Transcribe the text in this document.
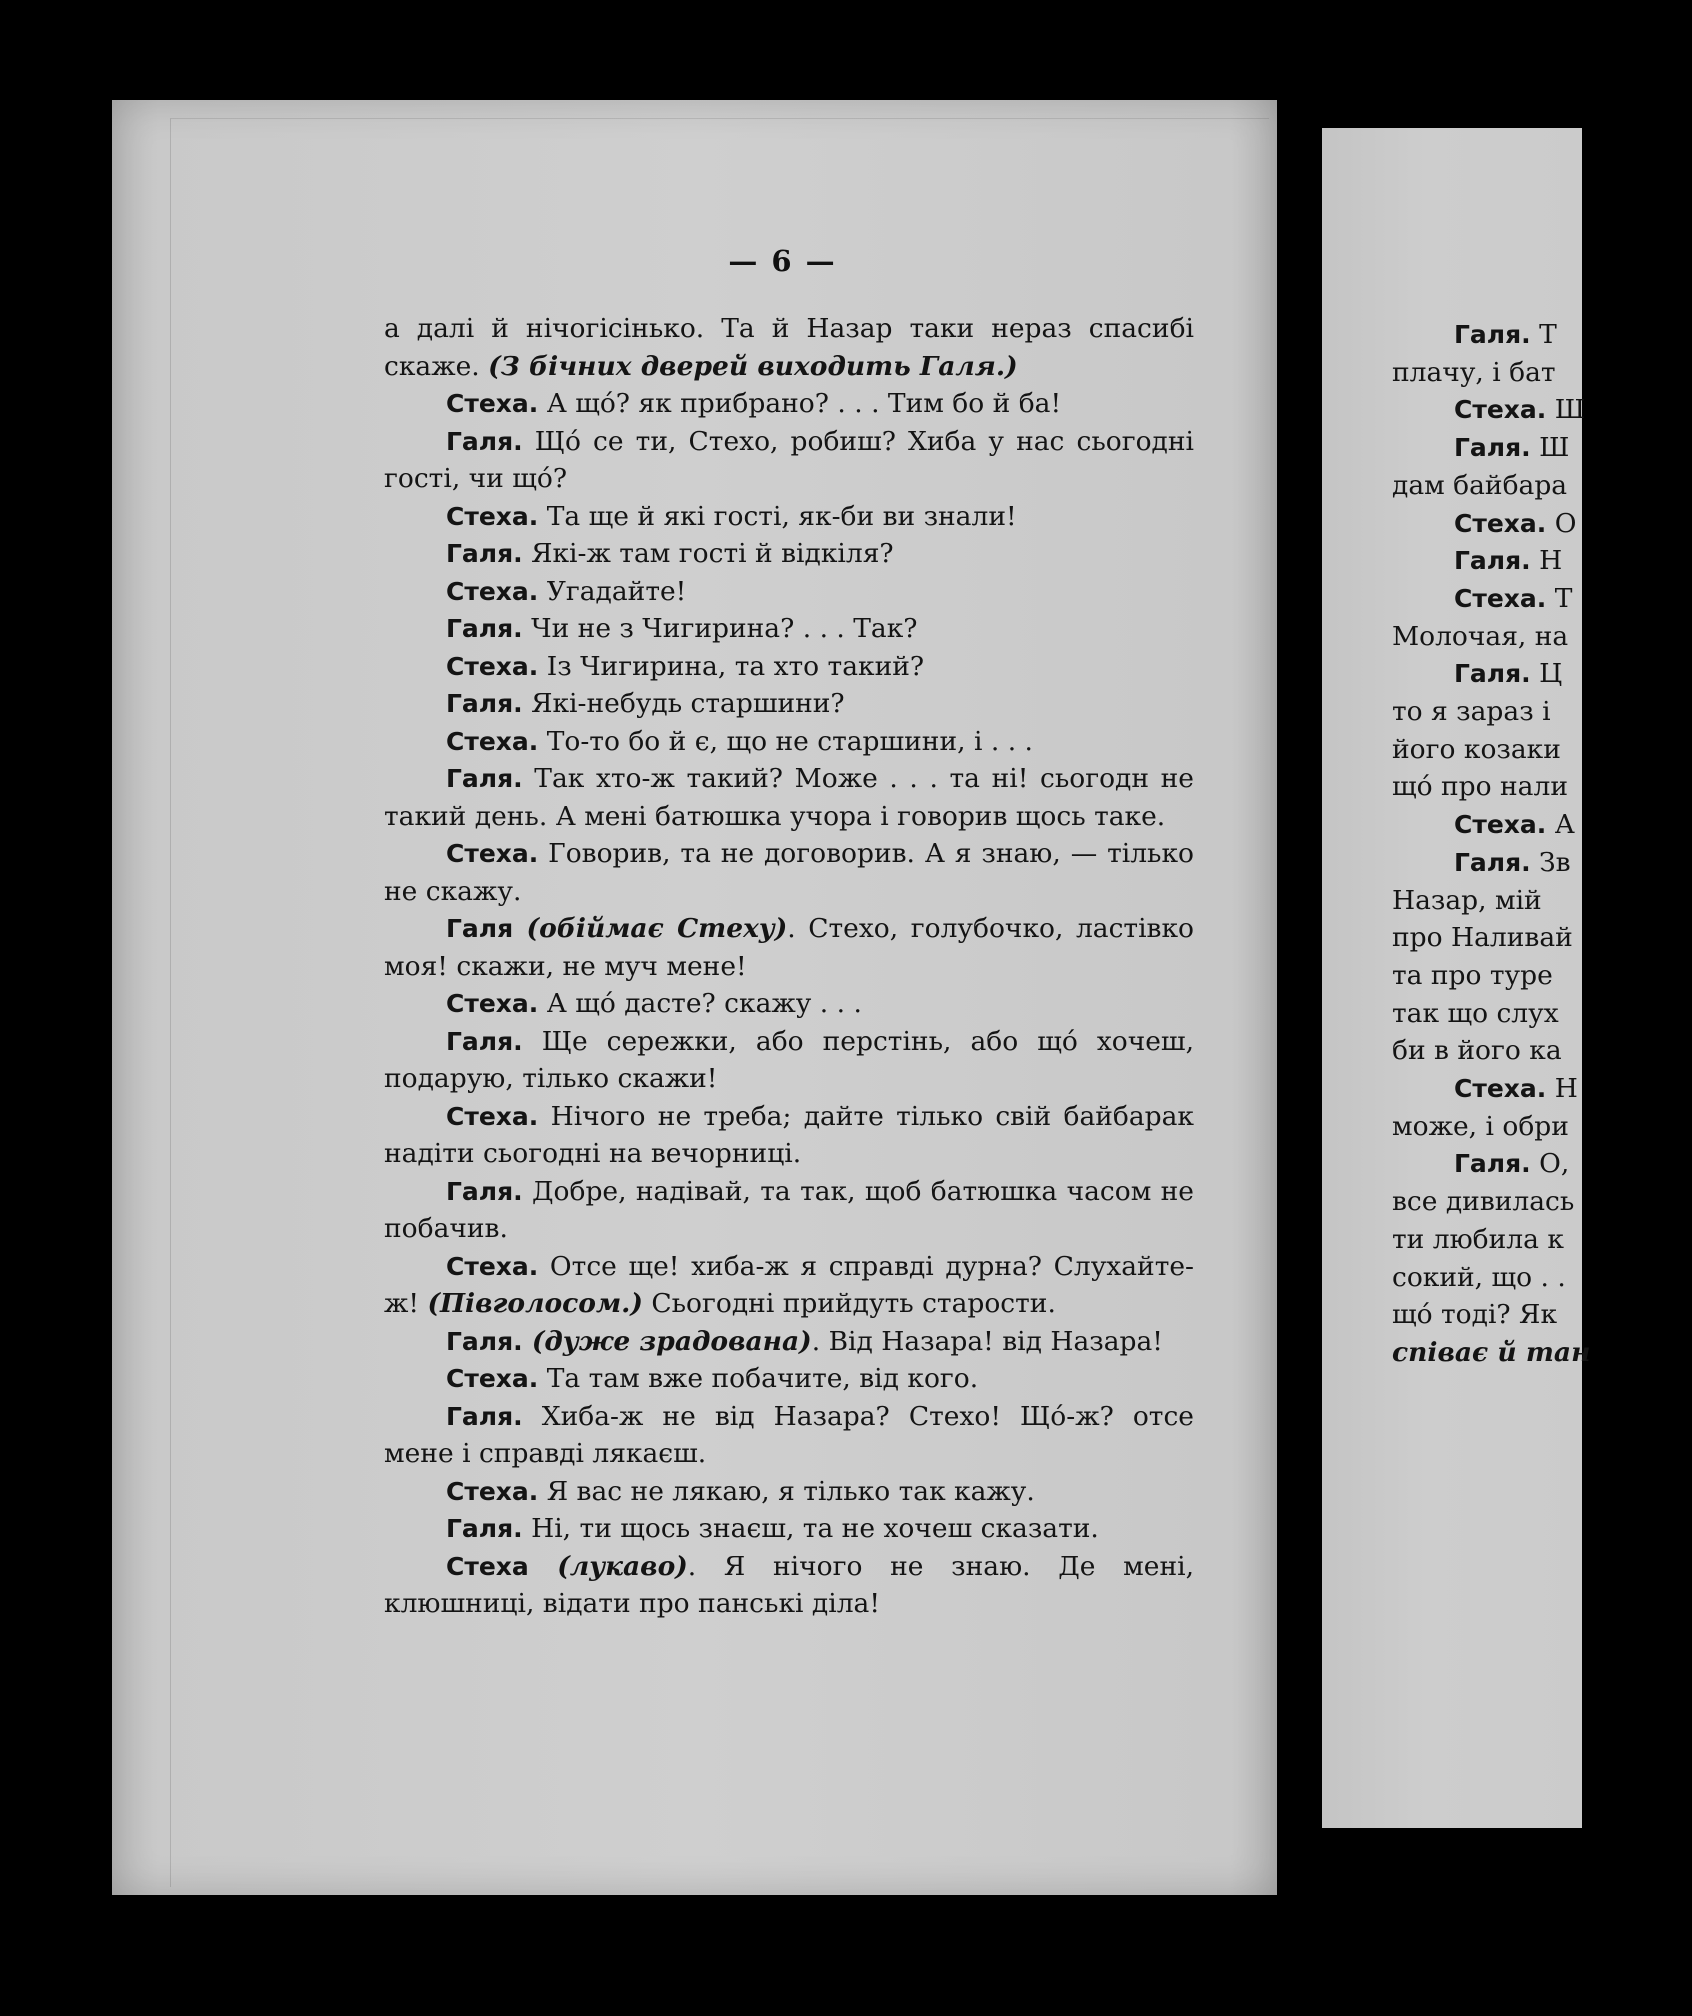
— 6 —

а далі й нічогісінько. Та й Назар таки нераз спасибі скаже. (З бічних дверей виходить Галя.)

Стеха. А щó? як прибрано? . . . Тим бо й ба!

Галя. Щó се ти, Стехо, робиш? Хиба у нас сьогодні гості, чи щó?

Стеха. Та ще й які гості, як-би ви знали!

Галя. Які-ж там гості й відкіля?

Стеха. Угадайте!

Галя. Чи не з Чигирина? . . . Так?

Стеха. Із Чигирина, та хто такий?

Галя. Які-небудь старшини?

Стеха. То-то бо й є, що не старшини, і . . .

Галя. Так хто-ж такий? Може . . . та ні! сьогодн не такий день. А мені батюшка учора і говорив щось таке.

Стеха. Говорив, та не договорив. А я знаю, — тілько не скажу.

Галя (обіймає Стеху). Стехо, голубочко, ластівко моя! скажи, не муч мене!

Стеха. А щó дасте? скажу . . .

Галя. Ще сережки, або перстінь, або щó хочеш, подарую, тілько скажи!

Стеха. Нічого не треба; дайте тілько свій байбарак надіти сьогодні на вечорниці.

Галя. Добре, надівай, та так, щоб батюшка часом не побачив.

Стеха. Отсе ще! хиба-ж я справді дурна? Слухайте-ж! (Півголосом.) Сьогодні прийдуть старости.

Галя. (дуже зрадована). Від Назара! від Назара!

Стеха. Та там вже побачите, від кого.

Галя. Хиба-ж не від Назара? Стехо! Щó-ж? отсе мене і справді лякаєш.

Стеха. Я вас не лякаю, я тілько так кажу.

Галя. Ні, ти щось знаєш, та не хочеш сказати.

Стеха (лукаво). Я нічого не знаю. Де мені, клюшниці, відати про панські діла!

Галя. Т

плачу, і бат

Стеха. Ш

Галя. Ш

дам байбара

Стеха. О

Галя. Н

Стеха. Т

Молочая, на

Галя. Ц

то я зараз і

його козаки

щó про нали

Стеха. А

Галя. Зв

Назар, мій

про Наливай

та про туре

так що слух

би в його ка

Стеха. Н

може, і обри

Галя. О,

все дивилась

ти любила к

сокий, що . .

щó тоді? Як

співає й тан
